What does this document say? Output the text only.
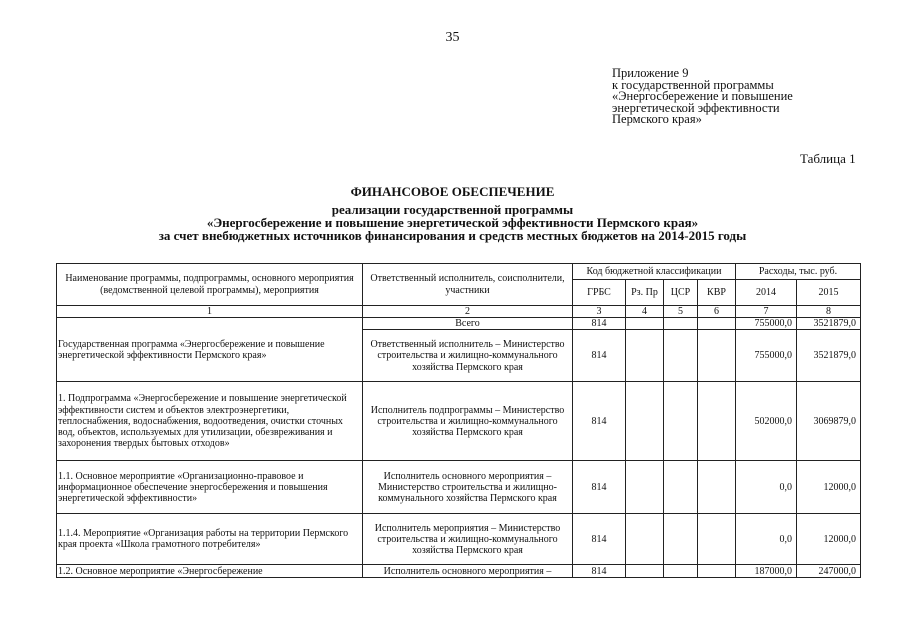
35
Приложение 9
к государственной программы
«Энергосбережение и повышение
энергетической эффективности
Пермского края»
Таблица 1
ФИНАНСОВОЕ ОБЕСПЕЧЕНИЕ
реализации государственной программы
«Энергосбережение и повышение энергетической эффективности Пермского края»
за счет внебюджетных источников финансирования и средств местных бюджетов на 2014-2015 годы
Наименование программы, подпрограммы, основного мероприятия (ведомственной целевой программы), мероприятия	Ответственный исполнитель, соисполнители, участники	Код бюджетной классификации				Расходы, тыс. руб.	
		ГРБС	Рз. Пр	ЦСР	КВР	2014	2015
1	2	3	4	5	6	7	8
Государственная программа «Энергосбережение и повышение энергетической эффективности Пермского края»	Всего	814				755000,0	3521879,0
	Ответственный исполнитель – Министерство строительства и жилищно-коммунального хозяйства Пермского края	814				755000,0	3521879,0
1. Подпрограмма «Энергосбережение и повышение энергетической эффективности систем и объектов электроэнергетики, теплоснабжения, водоснабжения, водоотведения, очистки сточных вод, объектов, используемых для утилизации, обезвреживания и захоронения твердых бытовых отходов»	Исполнитель подпрограммы – Министерство строительства и жилищно-коммунального хозяйства Пермского края	814				502000,0	3069879,0
1.1. Основное мероприятие «Организационно-правовое и информационное обеспечение энергосбережения и повышения энергетической эффективности»	Исполнитель основного мероприятия – Министерство строительства и жилищно-коммунального хозяйства Пермского края	814				0,0	12000,0
1.1.4. Мероприятие «Организация работы на территории Пермского края проекта «Школа грамотного потребителя»	Исполнитель мероприятия – Министерство строительства и жилищно-коммунального хозяйства Пермского края	814				0,0	12000,0
1.2. Основное мероприятие «Энергосбережение	Исполнитель основного мероприятия –	814				187000,0	247000,0
